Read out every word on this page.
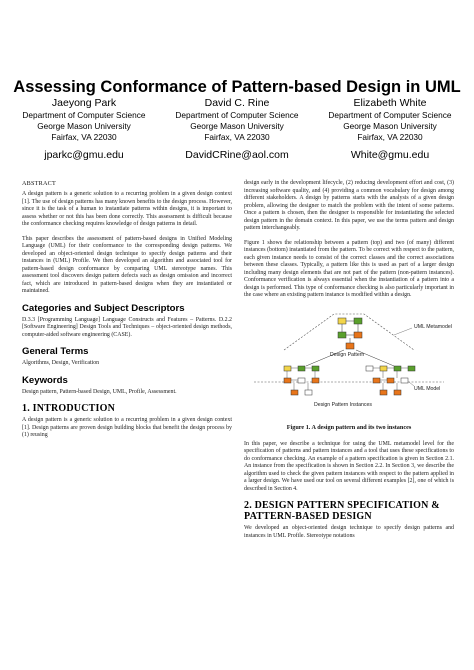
Assessing Conformance of Pattern-based Design in UML
Jaeyong Park
Department of Computer Science
George Mason University
Fairfax, VA 22030
jparkc@gmu.edu
David C. Rine
Department of Computer Science
George Mason University
Fairfax, VA 22030
DavidCRine@aol.com
Elizabeth White
Department of Computer Science
George Mason University
Fairfax, VA 22030
White@gmu.edu
ABSTRACT
A design pattern is a generic solution to a recurring problem in a given design context [1]. The use of design patterns has many known benefits to the design process. However, since it is the task of a human to instantiate patterns within designs, it is important to assess whether or not this has been done correctly. This assessment is difficult because the conformance checking requires knowledge of design patterns in detail.
This paper describes the assessment of pattern-based designs in Unified Modeling Language (UML) for their conformance to the corresponding design patterns. We developed an object-oriented design technique to specify design patterns and their instances in (UML) Profile. We then developed an algorithm and associated tool for pattern-based design conformance by comparing UML stereotype names. This assessment tool discovers design pattern defects such as design omission and incorrect fact, which are introduced in pattern-based designs when they are instantiated or maintained.
Categories and Subject Descriptors
D.3.3 [Programming Language] Language Constructs and Features – Patterns. D.2.2 [Software Engineering] Design Tools and Techniques – object-oriented design methods, computer-aided software engineering (CASE).
General Terms
Algorithms, Design, Verification
Keywords
Design pattern, Pattern-based Design, UML, Profile, Assessment.
1. INTRODUCTION
A design pattern is a generic solution to a recurring problem in a given design context [1]. Design patterns are proven design building blocks that benefit the design process by (1) reusing
design early in the development lifecycle, (2) reducing development effort and cost, (3) increasing software quality, and (4) providing a common vocabulary for design among different stakeholders. A design by patterns starts with the analysis of a given design problem, allowing the designer to match the problem with the intent of some patterns. Once a pattern is chosen, then the designer is responsible for instantiating the selected design pattern in the domain context. In this paper, we use the terms pattern and design pattern interchangeably.
Figure 1 shows the relationship between a pattern (top) and two (of many) different instances (bottom) instantiated from the pattern. To be correct with respect to the pattern, each given instance needs to consist of the correct classes and the correct associations between these classes. Typically, a pattern like this is used as part of a larger design including many design elements that are not part of the pattern (non-pattern instances). Conformance verification is always essential when the instantiation of a pattern into a design is performed. This type of conformance checking is also particularly important in the case where an existing pattern instance is modified within a design.
UML Metamodel
Design Pattern
UML Model
Design Pattern Instances
Figure 1. A design pattern and its two instances
In this paper, we describe a technique for using the UML metamodel level for the specification of patterns and pattern instances and a tool that uses these specifications to do conformance checking. An example of a pattern specification is given in Section 2.1. An instance from the specification is shown in Section 2.2. In Section 3, we describe the algorithm used to check the given pattern instances with respect to the pattern applied in a larger design. We have used our tool on several different examples [2], one of which is described in Section 4.
2. DESIGN PATTERN SPECIFICATION & PATTERN-BASED DESIGN
We developed an object-oriented design technique to specify design patterns and instances in UML Profile. Stereotype notations
